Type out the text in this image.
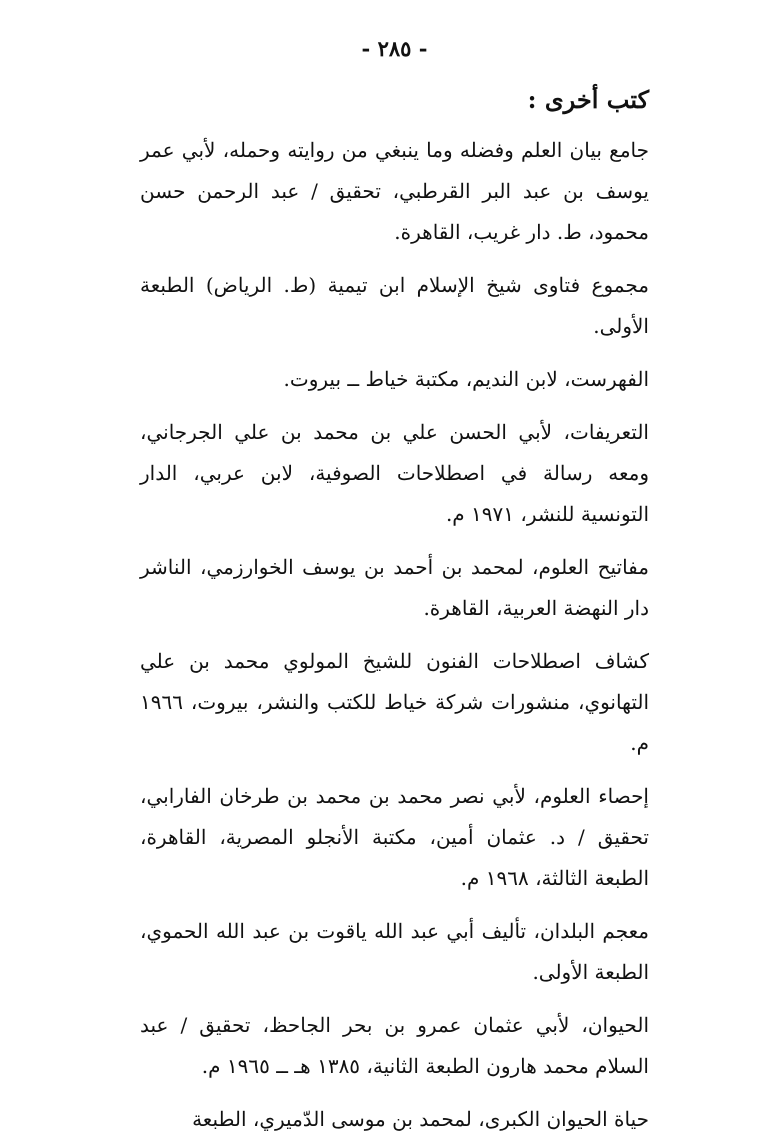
- ٢٨٥ -
كتب أخرى :

جامع بيان العلم وفضله وما ينبغي من روايته وحمله، لأبي عمر يوسف بن عبد البر القرطبي، تحقيق / عبد الرحمن حسن محمود، ط. دار غريب، القاهرة.

مجموع فتاوى شيخ الإسلام ابن تيمية (ط. الرياض) الطبعة الأولى.

الفهرست، لابن النديم، مكتبة خياط ــ بيروت.

التعريفات، لأبي الحسن علي بن محمد بن علي الجرجاني، ومعه رسالة في اصطلاحات الصوفية، لابن عربي، الدار التونسية للنشر، ١٩٧١ م.

مفاتيح العلوم، لمحمد بن أحمد بن يوسف الخوارزمي، الناشر دار النهضة العربية، القاهرة.

كشاف اصطلاحات الفنون للشيخ المولوي محمد بن علي التهانوي، منشورات شركة خياط للكتب والنشر، بيروت، ١٩٦٦ م.

إحصاء العلوم، لأبي نصر محمد بن محمد بن طرخان الفارابي، تحقيق / د. عثمان أمين، مكتبة الأنجلو المصرية، القاهرة، الطبعة الثالثة، ١٩٦٨ م.

معجم البلدان، تأليف أبي عبد الله ياقوت بن عبد الله الحموي، الطبعة الأولى.

الحيوان، لأبي عثمان عمرو بن بحر الجاحظ، تحقيق / عبد السلام محمد هارون الطبعة الثانية، ١٣٨٥ هـ ــ ١٩٦٥ م.

حياة الحيوان الكبرى، لمحمد بن موسى الدّميري، الطبعة
